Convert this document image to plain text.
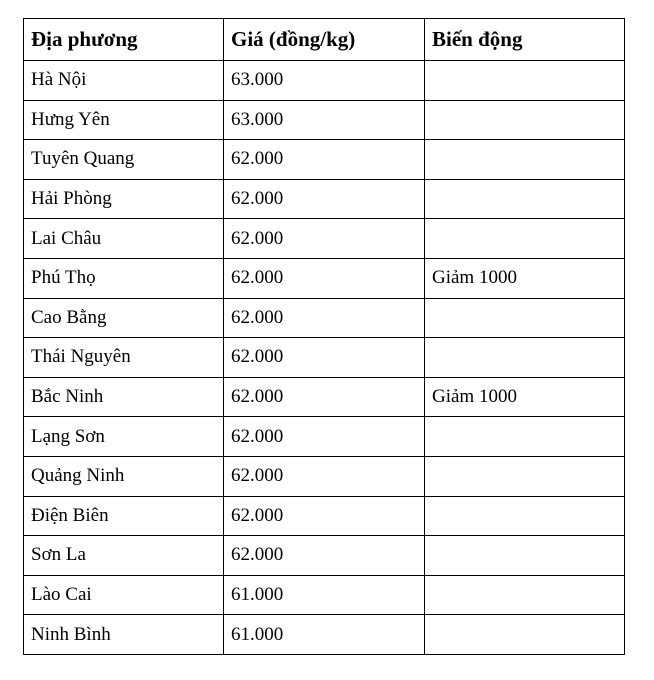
Địa phương	Giá (đồng/kg)	Biến động
Hà Nội	63.000	
Hưng Yên	63.000	
Tuyên Quang	62.000	
Hải Phòng	62.000	
Lai Châu	62.000	
Phú Thọ	62.000	Giảm 1000
Cao Bằng	62.000	
Thái Nguyên	62.000	
Bắc Ninh	62.000	Giảm 1000
Lạng Sơn	62.000	
Quảng Ninh	62.000	
Điện Biên	62.000	
Sơn La	62.000	
Lào Cai	61.000	
Ninh Bình	61.000	
